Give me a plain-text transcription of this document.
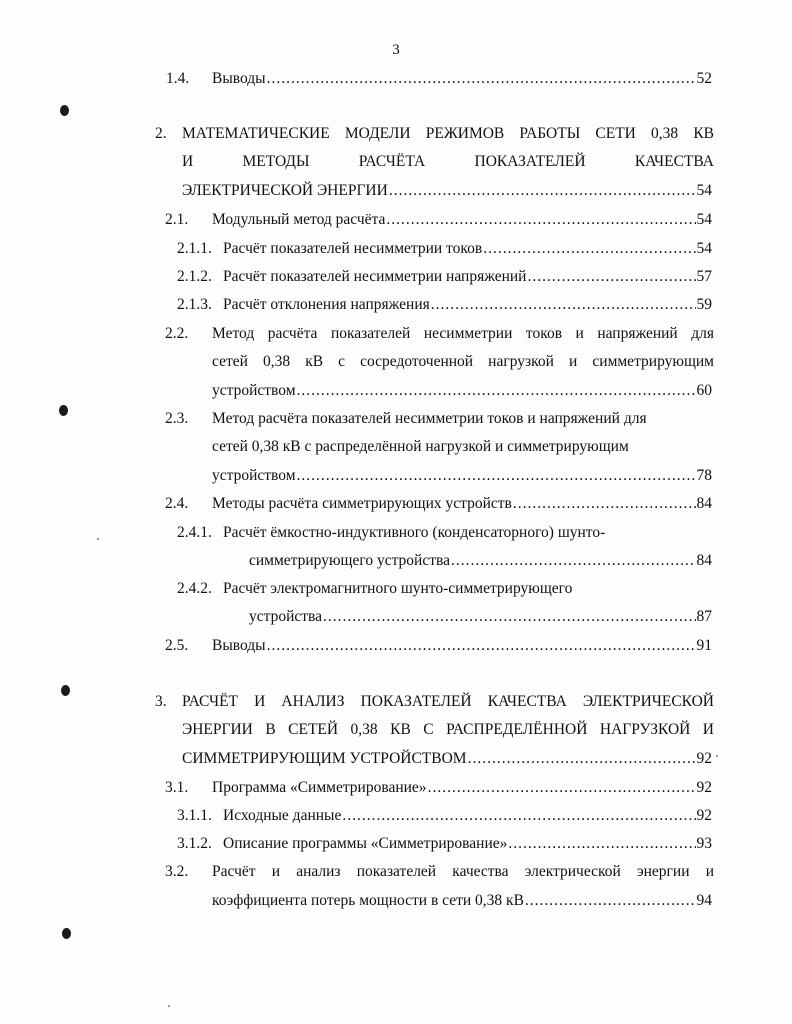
3
1.4. Выводы .....	52
2. МАТЕМАТИЧЕСКИЕ МОДЕЛИ РЕЖИМОВ РАБОТЫ СЕТИ 0,38 КВ
И	МЕТОДЫ	РАСЧЁТА	ПОКАЗАТЕЛЕЙ	КАЧЕСТВА
ЭЛЕКТРИЧЕСКОЙ ЭНЕРГИИ .....	54
2.1. Модульный метод расчёта .....	54
2.1.1. Расчёт показателей несимметрии токов .....	54
2.1.2. Расчёт показателей несимметрии напряжений .....	57
2.1.3. Расчёт отклонения напряжения .....	59
2.2. Метод расчёта показателей несимметрии токов и напряжений для
сетей 0,38 кВ с сосредоточенной нагрузкой и симметрирующим
устройством .....	60
2.3. Метод расчёта показателей несимметрии токов и напряжений для
сетей 0,38 кВ с распределённой нагрузкой и симметрирующим
устройством .....	78
2.4. Методы расчёта симметрирующих устройств .....	84
2.4.1. Расчёт ёмкостно-индуктивного (конденсаторного) шунто-
симметрирующего устройства .....	84
2.4.2. Расчёт электромагнитного шунто-симметрирующего
устройства .....	87
2.5. Выводы .....	91
3. РАСЧЁТ И АНАЛИЗ ПОКАЗАТЕЛЕЙ КАЧЕСТВА ЭЛЕКТРИЧЕСКОЙ
ЭНЕРГИИ В СЕТЕЙ 0,38 КВ С РАСПРЕДЕЛЁННОЙ НАГРУЗКОЙ И
СИММЕТРИРУЮЩИМ УСТРОЙСТВОМ .....	92
3.1. Программа «Симметрирование» .....	92
3.1.1. Исходные данные .....	92
3.1.2. Описание программы «Симметрирование» .....	93
3.2. Расчёт и анализ показателей качества электрической энергии и
коэффициента потерь мощности в сети 0,38 кВ .....	94
